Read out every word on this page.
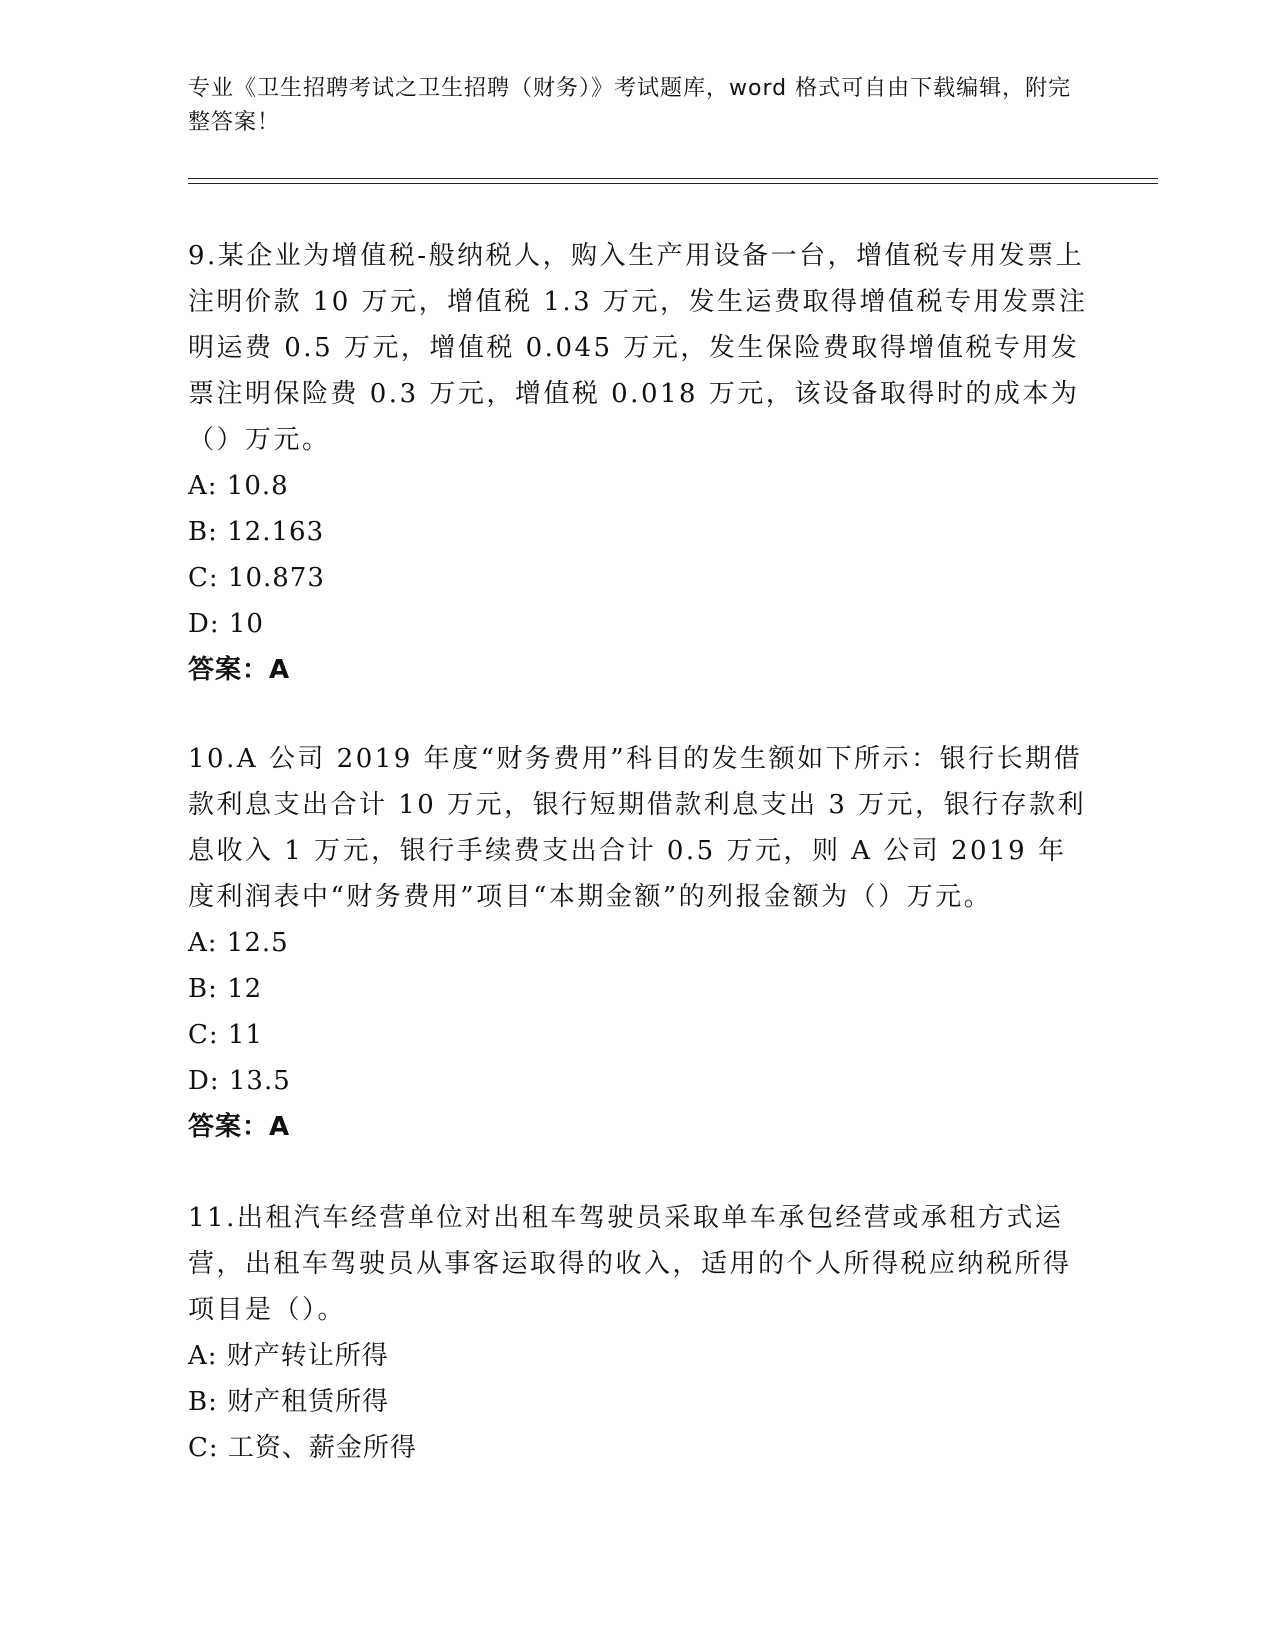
专业《卫生招聘考试之卫生招聘（财务）》考试题库，word 格式可自由下载编辑，附完整答案！

9.某企业为增值税-般纳税人，购入生产用设备一台，增值税专用发票上注明价款 10 万元，增值税 1.3 万元，发生运费取得增值税专用发票注明运费 0.5 万元，增值税 0.045 万元，发生保险费取得增值税专用发票注明保险费 0.3 万元，增值税 0.018 万元，该设备取得时的成本为（）万元。

A: 10.8

B: 12.163

C: 10.873

D: 10

答案：A

10.A 公司 2019 年度“财务费用”科目的发生额如下所示：银行长期借款利息支出合计 10 万元，银行短期借款利息支出 3 万元，银行存款利息收入 1 万元，银行手续费支出合计 0.5 万元，则 A 公司 2019 年度利润表中“财务费用”项目“本期金额”的列报金额为（）万元。

A: 12.5

B: 12

C: 11

D: 13.5

答案：A

11.出租汽车经营单位对出租车驾驶员采取单车承包经营或承租方式运营，出租车驾驶员从事客运取得的收入，适用的个人所得税应纳税所得项目是（）。

A: 财产转让所得

B: 财产租赁所得

C: 工资、薪金所得
